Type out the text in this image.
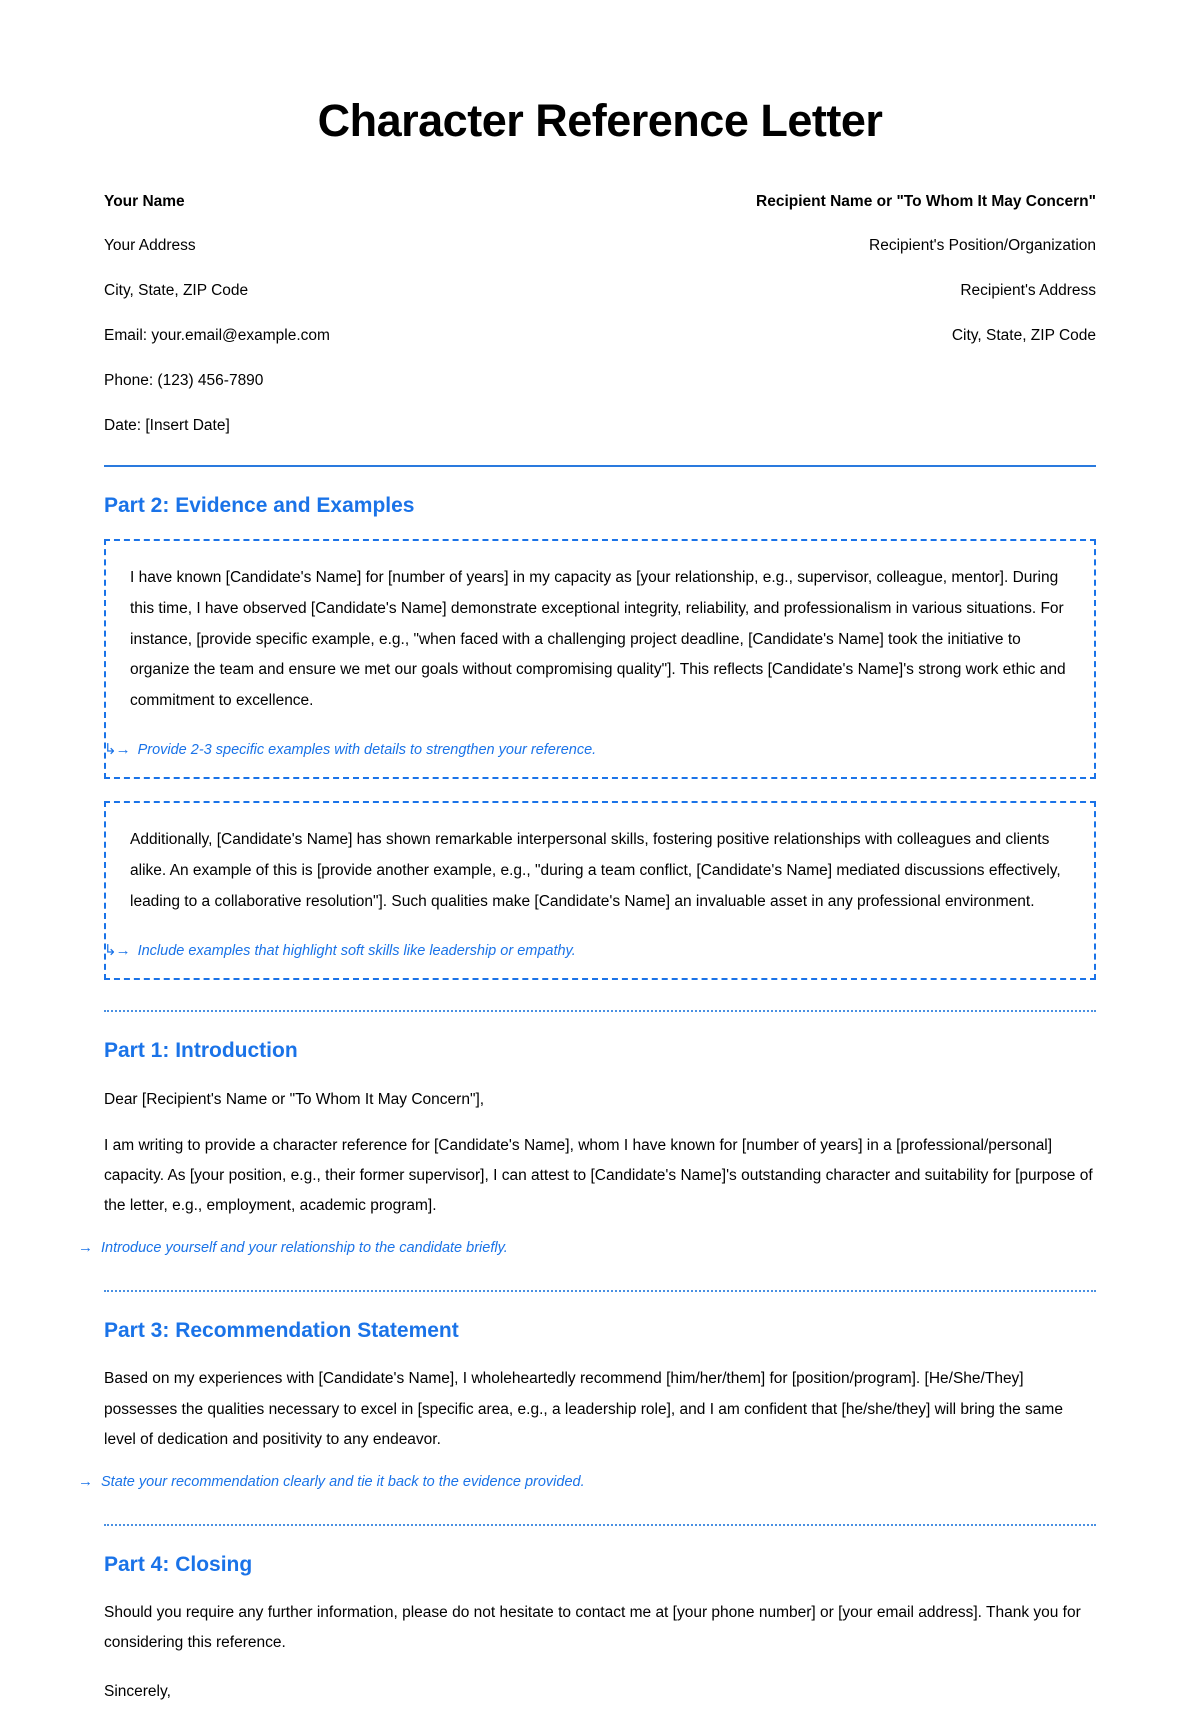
Character Reference Letter
Your Name
Your Address
City, State, ZIP Code
Email: your.email@example.com
Phone: (123) 456-7890
Date: [Insert Date]
Recipient Name or "To Whom It May Concern"
Recipient's Position/Organization
Recipient's Address
City, State, ZIP Code
Part 2: Evidence and Examples

I have known [Candidate's Name] for [number of years] in my capacity as [your relationship, e.g., supervisor, colleague, mentor]. During this time, I have observed [Candidate's Name] demonstrate exceptional integrity, reliability, and professionalism in various situations. For instance, [provide specific example, e.g., "when faced with a challenging project deadline, [Candidate's Name] took the initiative to organize the team and ensure we met our goals without compromising quality"]. This reflects [Candidate's Name]'s strong work ethic and commitment to excellence.

↳→ Provide 2-3 specific examples with details to strengthen your reference.

Additionally, [Candidate's Name] has shown remarkable interpersonal skills, fostering positive relationships with colleagues and clients alike. An example of this is [provide another example, e.g., "during a team conflict, [Candidate's Name] mediated discussions effectively, leading to a collaborative resolution"]. Such qualities make [Candidate's Name] an invaluable asset in any professional environment.

↳→ Include examples that highlight soft skills like leadership or empathy.
Part 1: Introduction

Dear [Recipient's Name or "To Whom It May Concern"],

I am writing to provide a character reference for [Candidate's Name], whom I have known for [number of years] in a [professional/personal] capacity. As [your position, e.g., their former supervisor], I can attest to [Candidate's Name]'s outstanding character and suitability for [purpose of the letter, e.g., employment, academic program].

→ Introduce yourself and your relationship to the candidate briefly.
Part 3: Recommendation Statement

Based on my experiences with [Candidate's Name], I wholeheartedly recommend [him/her/them] for [position/program]. [He/She/They] possesses the qualities necessary to excel in [specific area, e.g., a leadership role], and I am confident that [he/she/they] will bring the same level of dedication and positivity to any endeavor.

→ State your recommendation clearly and tie it back to the evidence provided.
Part 4: Closing

Should you require any further information, please do not hesitate to contact me at [your phone number] or [your email address]. Thank you for considering this reference.

Sincerely,
